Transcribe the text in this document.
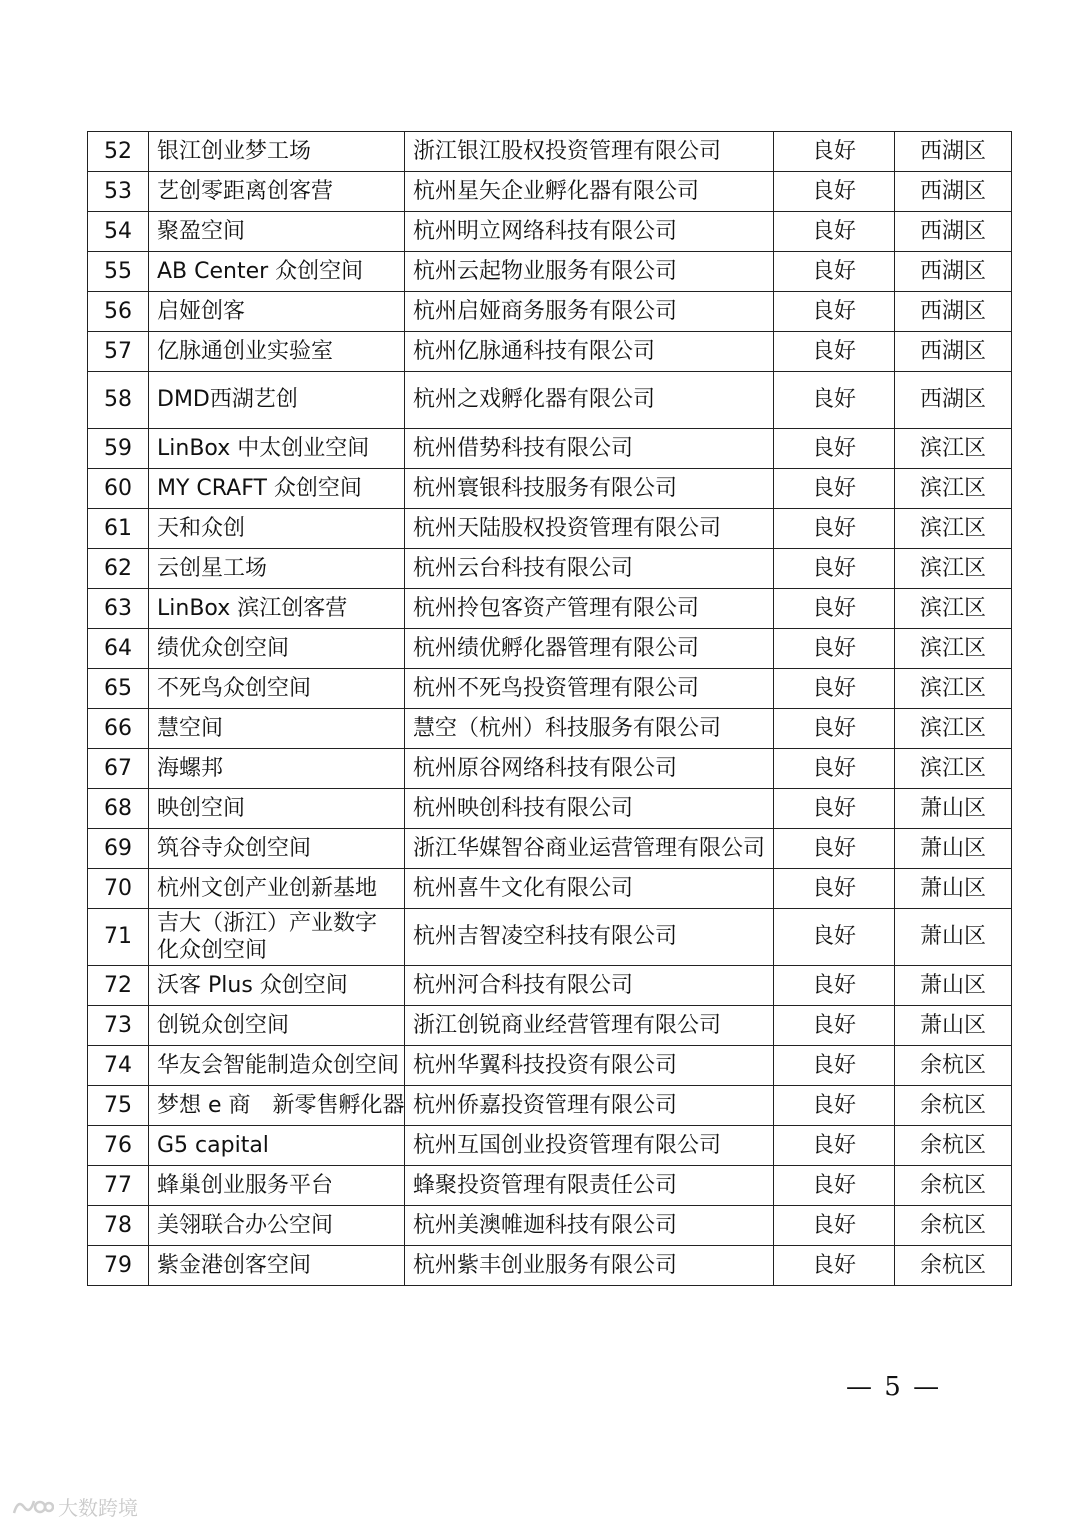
52	银江创业梦工场	浙江银江股权投资管理有限公司	良好	西湖区
53	艺创零距离创客营	杭州星矢企业孵化器有限公司	良好	西湖区
54	聚盈空间	杭州明立网络科技有限公司	良好	西湖区
55	AB Center 众创空间	杭州云起物业服务有限公司	良好	西湖区
56	启娅创客	杭州启娅商务服务有限公司	良好	西湖区
57	亿脉通创业实验室	杭州亿脉通科技有限公司	良好	西湖区
58	DMD西湖艺创	杭州之戏孵化器有限公司	良好	西湖区
59	LinBox 中太创业空间	杭州借势科技有限公司	良好	滨江区
60	MY CRAFT 众创空间	杭州寰银科技服务有限公司	良好	滨江区
61	天和众创	杭州天陆股权投资管理有限公司	良好	滨江区
62	云创星工场	杭州云台科技有限公司	良好	滨江区
63	LinBox 滨江创客营	杭州拎包客资产管理有限公司	良好	滨江区
64	绩优众创空间	杭州绩优孵化器管理有限公司	良好	滨江区
65	不死鸟众创空间	杭州不死鸟投资管理有限公司	良好	滨江区
66	慧空间	慧空（杭州）科技服务有限公司	良好	滨江区
67	海螺邦	杭州原谷网络科技有限公司	良好	滨江区
68	映创空间	杭州映创科技有限公司	良好	萧山区
69	筑谷寺众创空间	浙江华媒智谷商业运营管理有限公司	良好	萧山区
70	杭州文创产业创新基地	杭州喜牛文化有限公司	良好	萧山区
71	吉大（浙江）产业数字化众创空间	杭州吉智凌空科技有限公司	良好	萧山区
72	沃客 Plus 众创空间	杭州河合科技有限公司	良好	萧山区
73	创锐众创空间	浙江创锐商业经营管理有限公司	良好	萧山区
74	华友会智能制造众创空间	杭州华翼科技投资有限公司	良好	余杭区
75	梦想 e 商　新零售孵化器	杭州侨嘉投资管理有限公司	良好	余杭区
76	G5 capital	杭州互国创业投资管理有限公司	良好	余杭区
77	蜂巢创业服务平台	蜂聚投资管理有限责任公司	良好	余杭区
78	美翎联合办公空间	杭州美澳帷迦科技有限公司	良好	余杭区
79	紫金港创客空间	杭州紫丰创业服务有限公司	良好	余杭区
— 5 —
大数跨境
